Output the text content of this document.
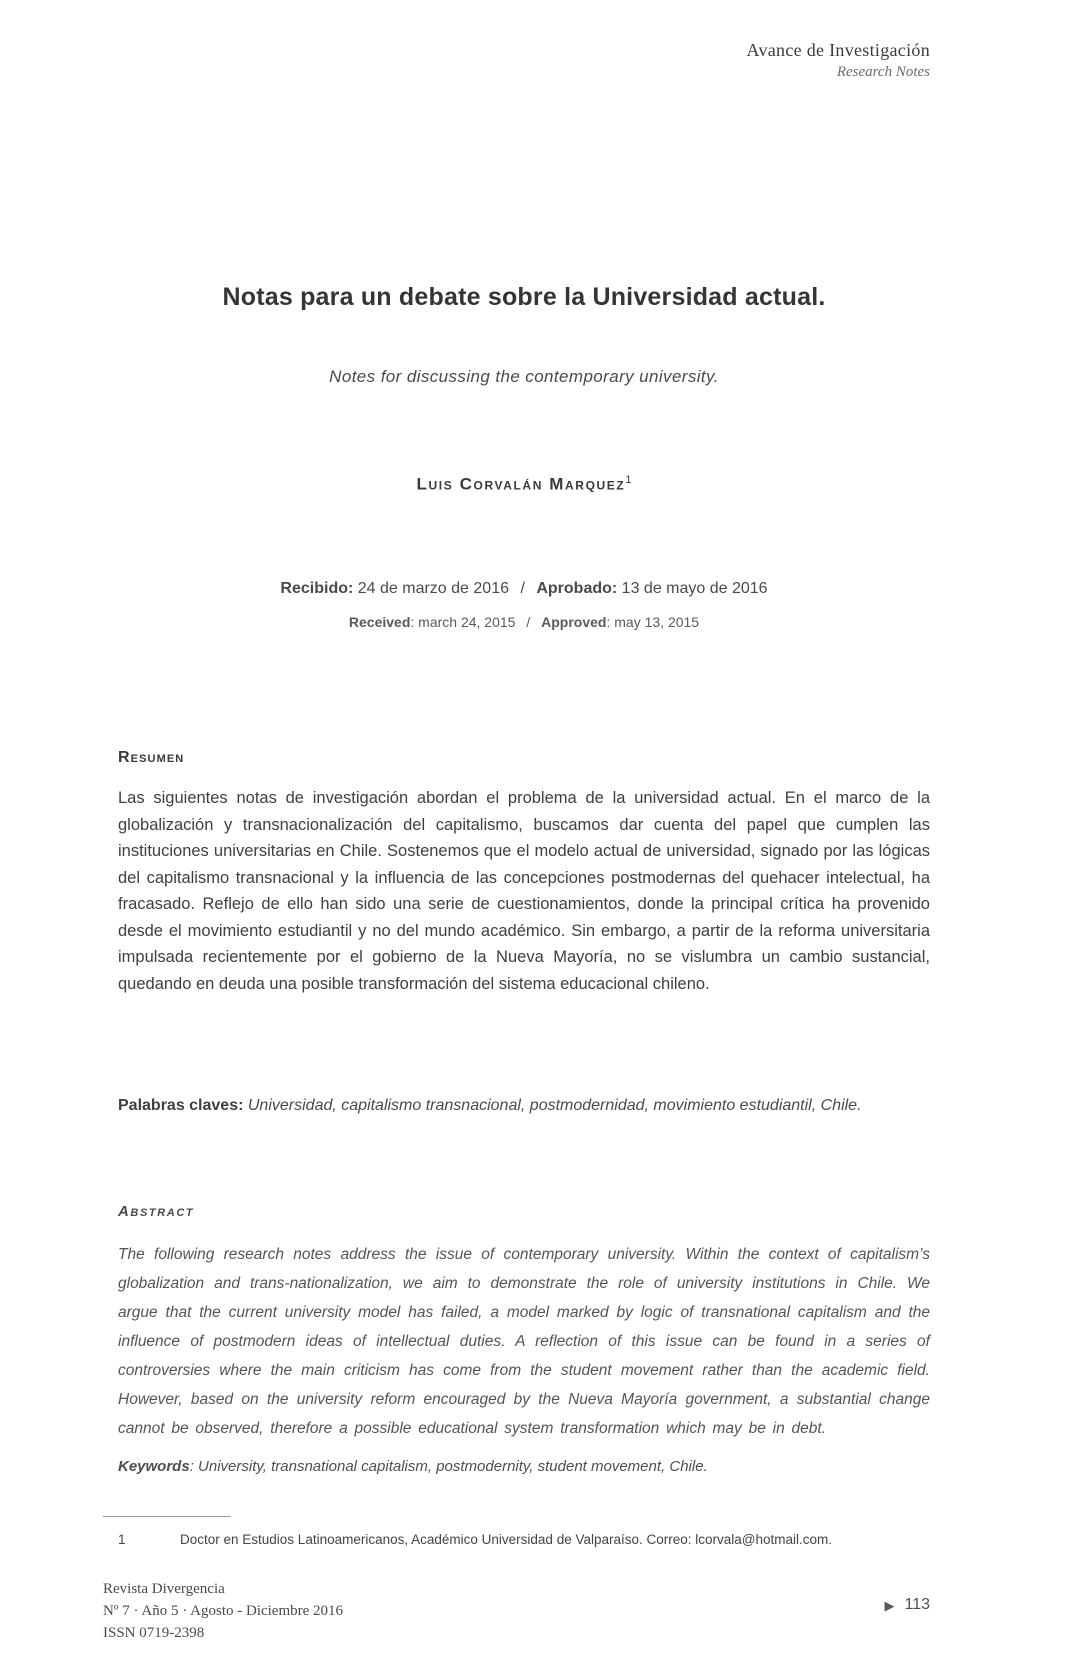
Avance de Investigación
Research Notes
Notas para un debate sobre la Universidad actual.
Notes for discussing the contemporary university.
Luis Corvalán Marquez$^1$
Recibido: 24 de marzo de 2016 / Aprobado: 13 de mayo de 2016
Received: march 24, 2015 / Approved: may 13, 2015
Resumen

Las siguientes notas de investigación abordan el problema de la universidad actual. En el marco de la globalización y transnacionalización del capitalismo, buscamos dar cuenta del papel que cumplen las instituciones universitarias en Chile. Sostenemos que el modelo actual de universidad, signado por las lógicas del capitalismo transnacional y la influencia de las concepciones postmodernas del quehacer intelectual, ha fracasado. Reflejo de ello han sido una serie de cuestionamientos, donde la principal crítica ha provenido desde el movimiento estudiantil y no del mundo académico. Sin embargo, a partir de la reforma universitaria impulsada recientemente por el gobierno de la Nueva Mayoría, no se vislumbra un cambio sustancial, quedando en deuda una posible transformación del sistema educacional chileno.

Palabras claves: Universidad, capitalismo transnacional, postmodernidad, movimiento estudiantil, Chile.
Abstract

The following research notes address the issue of contemporary university. Within the context of capitalism’s globalization and trans-nationalization, we aim to demonstrate the role of university institutions in Chile. We argue that the current university model has failed, a model marked by logic of transnational capitalism and the influence of postmodern ideas of intellectual duties. A reflection of this issue can be found in a series of controversies where the main criticism has come from the student movement rather than the academic field. However, based on the university reform encouraged by the Nueva Mayoría government, a substantial change cannot be observed, therefore a possible educational system transformation which may be in debt.

Keywords: University, transnational capitalism, postmodernity, student movement, Chile.
1	Doctor en Estudios Latinoamericanos, Académico Universidad de Valparaíso. Correo: lcorvala@hotmail.com.
Revista Divergencia
Nº 7 · Año 5 · Agosto - Diciembre 2016
ISSN 0719-2398
▶ 113
